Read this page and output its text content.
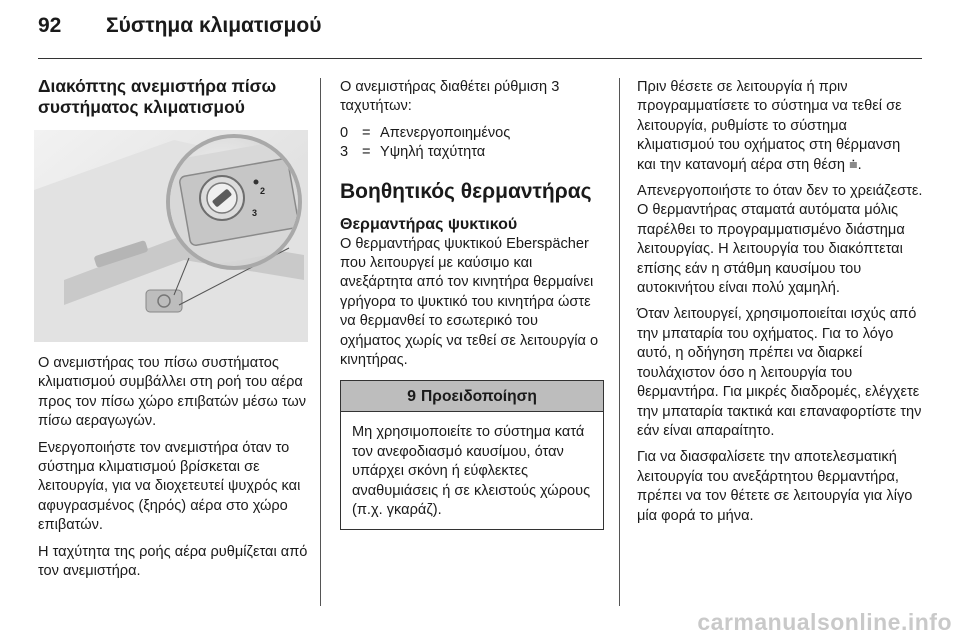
92	Σύστημα κλιματισμού
Διακόπτης ανεμιστήρα πίσω συστήματος κλιματισμού
2
3

Ο ανεμιστήρας του πίσω συστήματος κλιματισμού συμβάλλει στη ροή του αέρα προς τον πίσω χώρο επιβατών μέσω των πίσω αεραγωγών.

Ενεργοποιήστε τον ανεμιστήρα όταν το σύστημα κλιματισμού βρίσκεται σε λειτουργία, για να διοχετευτεί ψυχρός και αφυγρασμένος (ξηρός) αέρα στο χώρο επιβατών.

Η ταχύτητα της ροής αέρα ρυθμίζεται από τον ανεμιστήρα.

Ο ανεμιστήρας διαθέτει ρύθμιση 3 ταχυτήτων:

0 = Απενεργοποιημένος
3 = Υψηλή ταχύτητα
Βοηθητικός θερμαντήρας
Θερμαντήρας ψυκτικού

Ο θερμαντήρας ψυκτικού Eberspächer που λειτουργεί με καύσιμο και ανεξάρτητα από τον κινητήρα θερμαίνει γρήγορα το ψυκτικό του κινητήρα ώστε να θερμανθεί το εσωτερικό του οχήματος χωρίς να τεθεί σε λειτουργία ο κινητήρας.

9 Προειδοποίηση

Μη χρησιμοποιείτε το σύστημα κατά τον ανεφοδιασμό καυσίμου, όταν υπάρχει σκόνη ή εύφλεκτες αναθυμιάσεις ή σε κλειστούς χώρους (π.χ. γκαράζ).

Πριν θέσετε σε λειτουργία ή πριν προγραμματίσετε το σύστημα να τεθεί σε λειτουργία, ρυθμίστε το σύστημα κλιματισμού του οχήματος στη θέρμανση και την κατανομή αέρα στη θέση ⩧.

Απενεργοποιήστε το όταν δεν το χρειάζεστε. Ο θερμαντήρας σταματά αυτόματα μόλις παρέλθει το προγραμματισμένο διάστημα λειτουργίας. Η λειτουργία του διακόπτεται επίσης εάν η στάθμη καυσίμου του αυτοκινήτου είναι πολύ χαμηλή.

Όταν λειτουργεί, χρησιμοποιείται ισχύς από την μπαταρία του οχήματος. Για το λόγο αυτό, η οδήγηση πρέπει να διαρκεί τουλάχιστον όσο η λειτουργία του θερμαντήρα. Για μικρές διαδρομές, ελέγχετε την μπαταρία τακτικά και επαναφορτίστε την εάν είναι απαραίτητο.

Για να διασφαλίσετε την αποτελεσματική λειτουργία του ανεξάρτητου θερμαντήρα, πρέπει να τον θέτετε σε λειτουργία για λίγο μία φορά το μήνα.

carmanualsonline.info
